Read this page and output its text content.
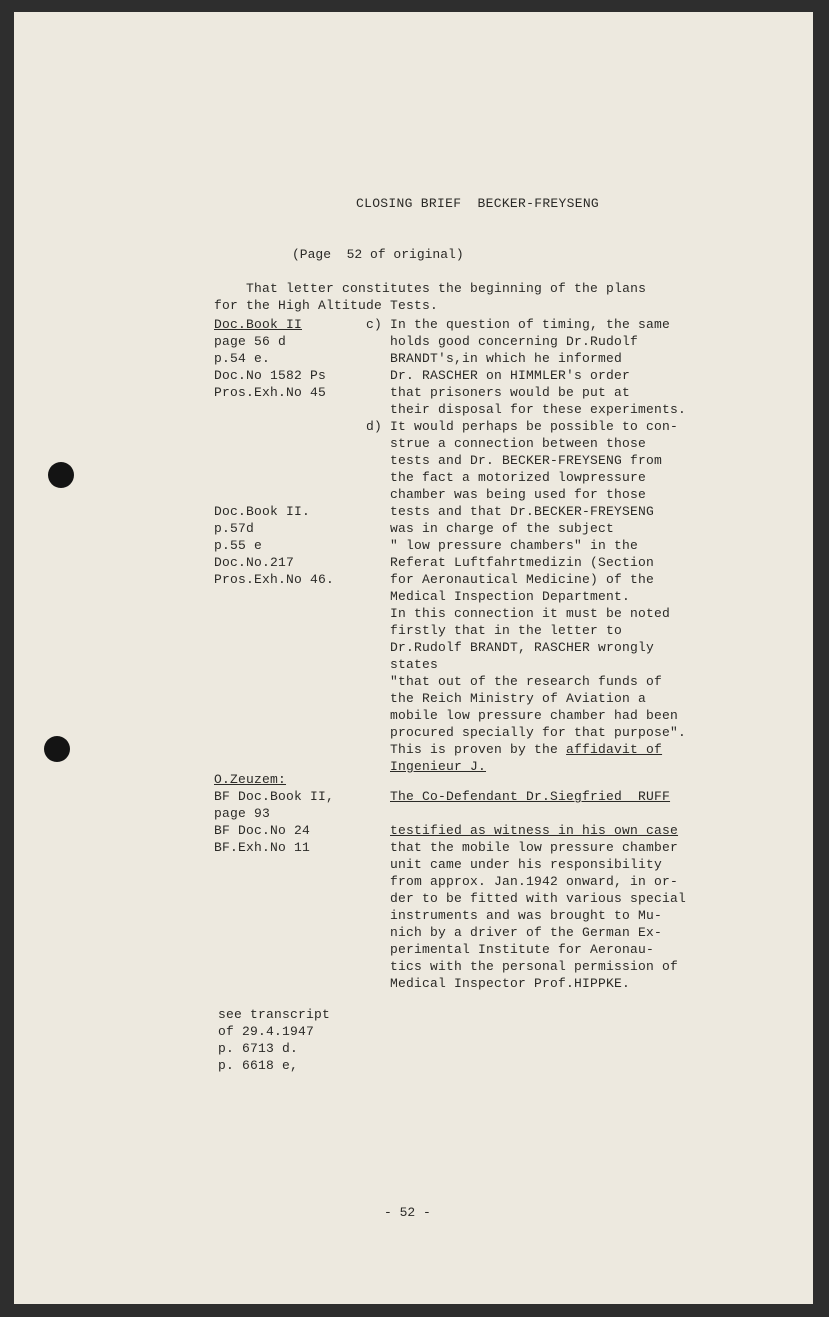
CLOSING BRIEF  BECKER-FREYSENG
(Page  52 of original)
That letter constitutes the beginning of the plans
for the High Altitude Tests.
Doc.Book II
page 56 d
p.54 e.
Doc.No 1582 Ps
Pros.Exh.No 45
c) In the question of timing, the same
holds good concerning Dr.Rudolf
BRANDT's,in which he informed
Dr. RASCHER on HIMMLER's order
that prisoners would be put at
their disposal for these experiments.
d) It would perhaps be possible to con-
strue a connection between those
tests and Dr. BECKER-FREYSENG from
the fact a motorized lowpressure
chamber was being used for those
tests and that Dr.BECKER-FREYSENG
was in charge of the subject
" low pressure chambers" in the
Referat Luftfahrtmedizin (Section
for Aeronautical Medicine) of the
Medical Inspection Department.
In this connection it must be noted
firstly that in the letter to
Dr.Rudolf BRANDT, RASCHER wrongly
states
"that out of the research funds of
the Reich Ministry of Aviation a
mobile low pressure chamber had been
procured specially for that purpose".
This is proven by the affidavit of
Ingenieur J.
Doc.Book II.
p.57d
p.55 e
Doc.No.217
Pros.Exh.No 46.
O.Zeuzem:
BF Doc.Book II,
page 93
BF Doc.No 24
BF.Exh.No 11
The Co-Defendant Dr.Siegfried  RUFF
testified as witness in his own case
that the mobile low pressure chamber
unit came under his responsibility
from approx. Jan.1942 onward, in or-
der to be fitted with various special
instruments and was brought to Mu-
nich by a driver of the German Ex-
perimental Institute for Aeronau-
tics with the personal permission of
Medical Inspector Prof.HIPPKE.
see transcript
of 29.4.1947
p. 6713 d.
p. 6618 e,
- 52 -
